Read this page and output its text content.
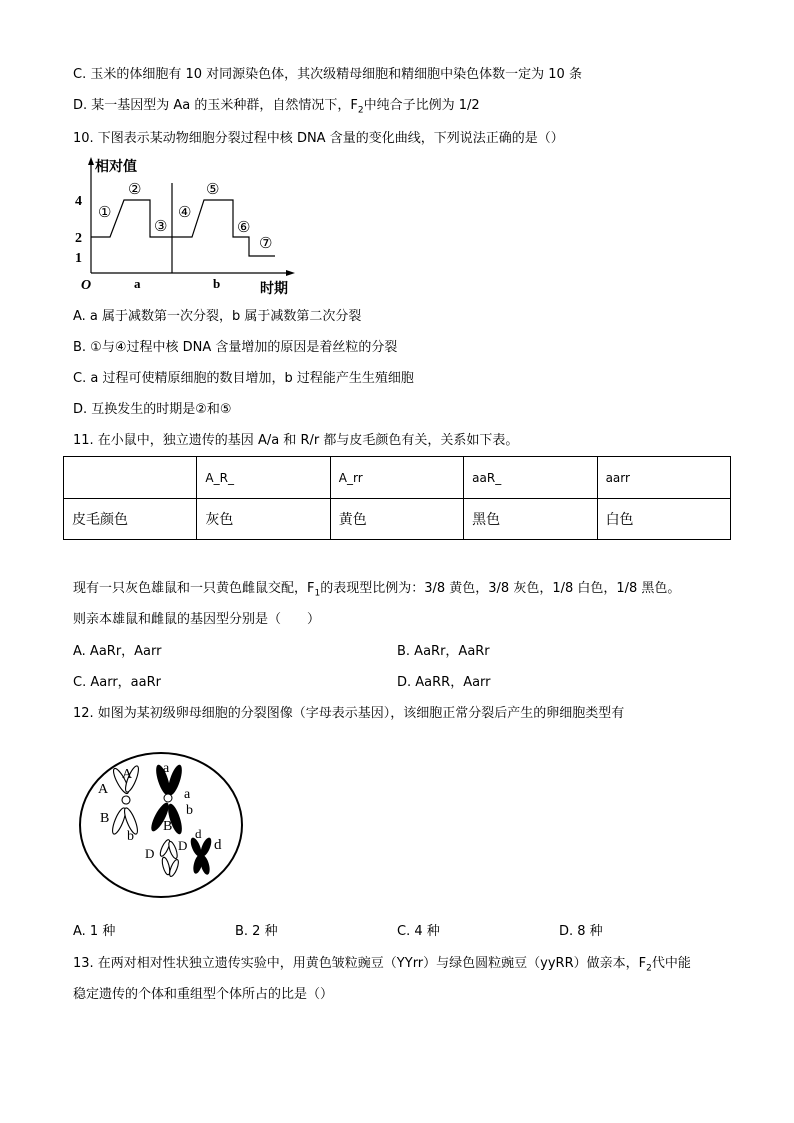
C. 玉米的体细胞有 10 对同源染色体，其次级精母细胞和精细胞中染色体数一定为 10 条
D. 某一基因型为 Aa 的玉米种群，自然情况下，$F_2$中纯合子比例为 1/2
10. 下图表示某动物细胞分裂过程中核 DNA 含量的变化曲线，下列说法正确的是（）
相对值
4
2
1
O	a	b	时期
①
②
③
④
⑤
⑥
⑦
A. a 属于减数第一次分裂，b 属于减数第二次分裂
B. ①与④过程中核 DNA 含量增加的原因是着丝粒的分裂
C. a 过程可使精原细胞的数目增加，b 过程能产生生殖细胞
D. 互换发生的时期是②和⑤
11. 在小鼠中，独立遗传的基因 A/a 和 R/r 都与皮毛颜色有关，关系如下表。
	A_R_	A_rr	aaR_	aarr
皮毛颜色	灰色	黄色	黑色	白色
现有一只灰色雄鼠和一只黄色雌鼠交配，$F_1$的表现型比例为：3/8 黄色，3/8 灰色，1/8 白色，1/8 黑色。
则亲本雄鼠和雌鼠的基因型分别是（　　）
A. AaRr，Aarr	B. AaRr，AaRr
C. Aarr，aaRr	D. AaRR，Aarr
12. 如图为某初级卵母细胞的分裂图像（字母表示基因），该细胞正常分裂后产生的卵细胞类型有
A
A
a
a
B
b
b
B
D
D
d
d
A. 1 种	B. 2 种	C. 4 种	D. 8 种
13. 在两对相对性状独立遗传实验中，用黄色皱粒豌豆（YYrr）与绿色圆粒豌豆（yyRR）做亲本，$F_2$代中能
稳定遗传的个体和重组型个体所占的比是（）
